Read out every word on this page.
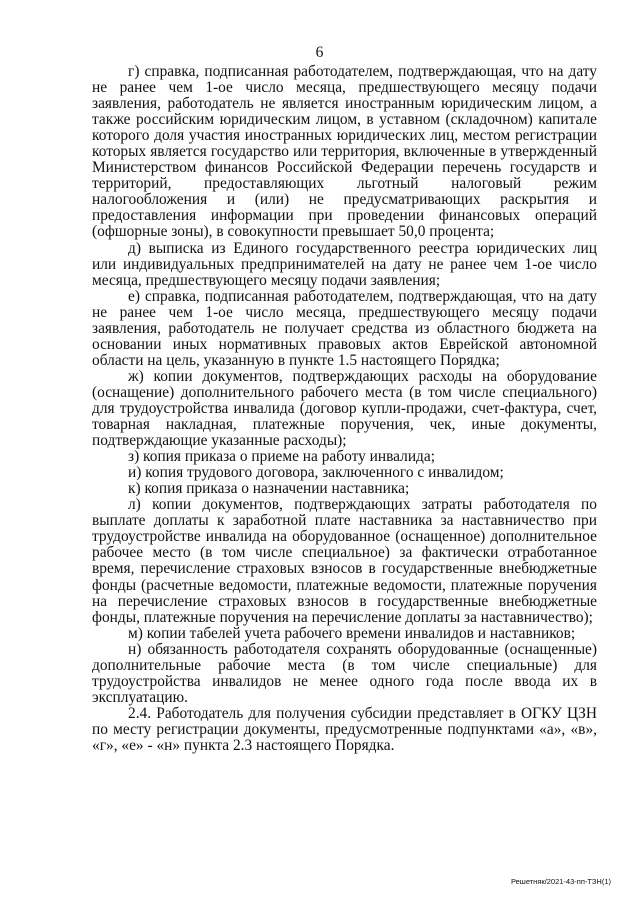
6

г) справка, подписанная работодателем, подтверждающая, что на дату не ранее чем 1-ое число месяца, предшествующего месяцу подачи заявления, работодатель не является иностранным юридическим лицом, а также российским юридическим лицом, в уставном (складочном) капитале которого доля участия иностранных юридических лиц, местом регистрации которых является государство или территория, включенные в утвержденный Министерством финансов Российской Федерации перечень государств и территорий, предоставляющих льготный налоговый режим налогообложения и (или) не предусматривающих раскрытия и предоставления информации при проведении финансовых операций (офшорные зоны), в совокупности превышает 50,0 процента;

д) выписка из Единого государственного реестра юридических лиц или индивидуальных предпринимателей на дату не ранее чем 1-ое число месяца, предшествующего месяцу подачи заявления;

е) справка, подписанная работодателем, подтверждающая, что на дату не ранее чем 1-ое число месяца, предшествующего месяцу подачи заявления, работодатель не получает средства из областного бюджета на основании иных нормативных правовых актов Еврейской автономной области на цель, указанную в пункте 1.5 настоящего Порядка;

ж) копии документов, подтверждающих расходы на оборудование (оснащение) дополнительного рабочего места (в том числе специального) для трудоустройства инвалида (договор купли-продажи, счет-фактура, счет, товарная накладная, платежные поручения, чек, иные документы, подтверждающие указанные расходы);

з) копия приказа о приеме на работу инвалида;

и) копия трудового договора, заключенного с инвалидом;

к) копия приказа о назначении наставника;

л) копии документов, подтверждающих затраты работодателя по выплате доплаты к заработной плате наставника за наставничество при трудоустройстве инвалида на оборудованное (оснащенное) дополнительное рабочее место (в том числе специальное) за фактически отработанное время, перечисление страховых взносов в государственные внебюджетные фонды (расчетные ведомости, платежные ведомости, платежные поручения на перечисление страховых взносов в государственные внебюджетные фонды, платежные поручения на перечисление доплаты за наставничество);

м) копии табелей учета рабочего времени инвалидов и наставников;

н) обязанность работодателя сохранять оборудованные (оснащенные) дополнительные рабочие места (в том числе специальные) для трудоустройства инвалидов не менее одного года после ввода их в эксплуатацию.

2.4. Работодатель для получения субсидии представляет в ОГКУ ЦЗН по месту регистрации документы, предусмотренные подпунктами «а», «в», «г», «е» - «н» пункта 2.3 настоящего Порядка.

Решетняк/2021-43-пп-ТЗН(1)
